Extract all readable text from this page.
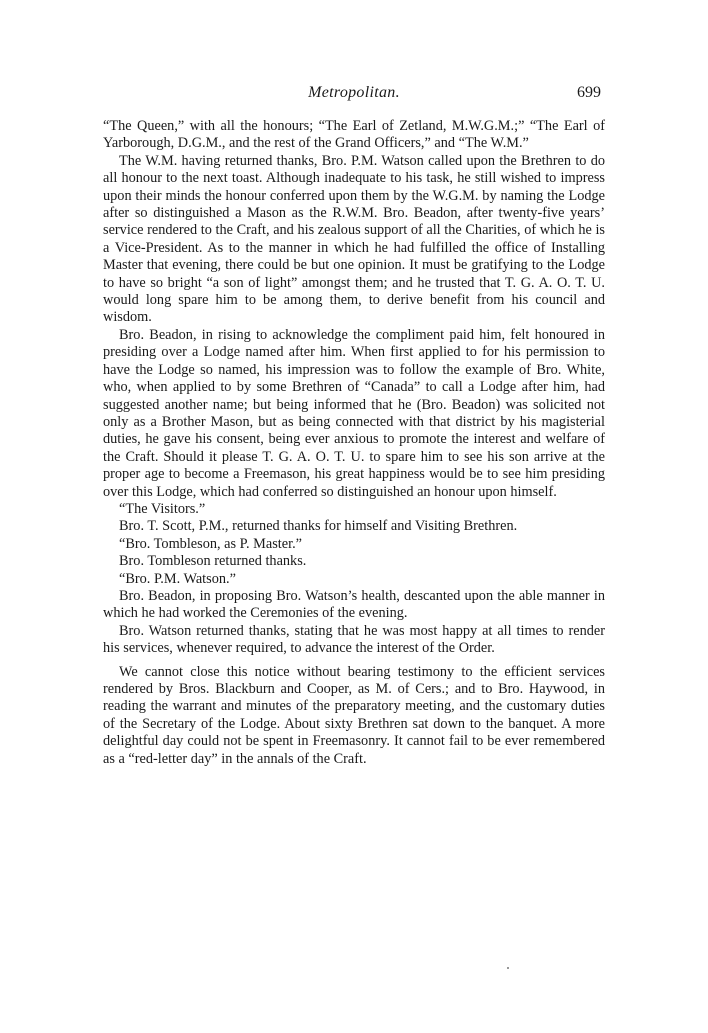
Metropolitan.	699

“The Queen,” with all the honours; “The Earl of Zetland, M.W.G.M.;” “The Earl of Yarborough, D.G.M., and the rest of the Grand Officers,” and “The W.M.”

The W.M. having returned thanks, Bro. P.M. Watson called upon the Brethren to do all honour to the next toast. Although inadequate to his task, he still wished to impress upon their minds the honour conferred upon them by the W.G.M. by naming the Lodge after so distinguished a Mason as the R.W.M. Bro. Beadon, after twenty-five years’ service rendered to the Craft, and his zealous support of all the Charities, of which he is a Vice-President. As to the manner in which he had fulfilled the office of Installing Master that evening, there could be but one opinion. It must be gratifying to the Lodge to have so bright “a son of light” amongst them; and he trusted that T. G. A. O. T. U. would long spare him to be among them, to derive benefit from his council and wisdom.

Bro. Beadon, in rising to acknowledge the compliment paid him, felt honoured in presiding over a Lodge named after him. When first applied to for his permission to have the Lodge so named, his impression was to follow the example of Bro. White, who, when applied to by some Brethren of “Canada” to call a Lodge after him, had suggested another name; but being informed that he (Bro. Beadon) was solicited not only as a Brother Mason, but as being connected with that district by his magisterial duties, he gave his consent, being ever anxious to promote the interest and welfare of the Craft. Should it please T. G. A. O. T. U. to spare him to see his son arrive at the proper age to become a Freemason, his great happiness would be to see him presiding over this Lodge, which had conferred so distinguished an honour upon himself.

“The Visitors.”

Bro. T. Scott, P.M., returned thanks for himself and Visiting Brethren.

“Bro. Tombleson, as P. Master.”

Bro. Tombleson returned thanks.

“Bro. P.M. Watson.”

Bro. Beadon, in proposing Bro. Watson’s health, descanted upon the able manner in which he had worked the Ceremonies of the evening.

Bro. Watson returned thanks, stating that he was most happy at all times to render his services, whenever required, to advance the interest of the Order.

We cannot close this notice without bearing testimony to the efficient services rendered by Bros. Blackburn and Cooper, as M. of Cers.; and to Bro. Haywood, in reading the warrant and minutes of the preparatory meeting, and the customary duties of the Secretary of the Lodge. About sixty Brethren sat down to the banquet. A more delightful day could not be spent in Freemasonry. It cannot fail to be ever remembered as a “red-letter day” in the annals of the Craft.
